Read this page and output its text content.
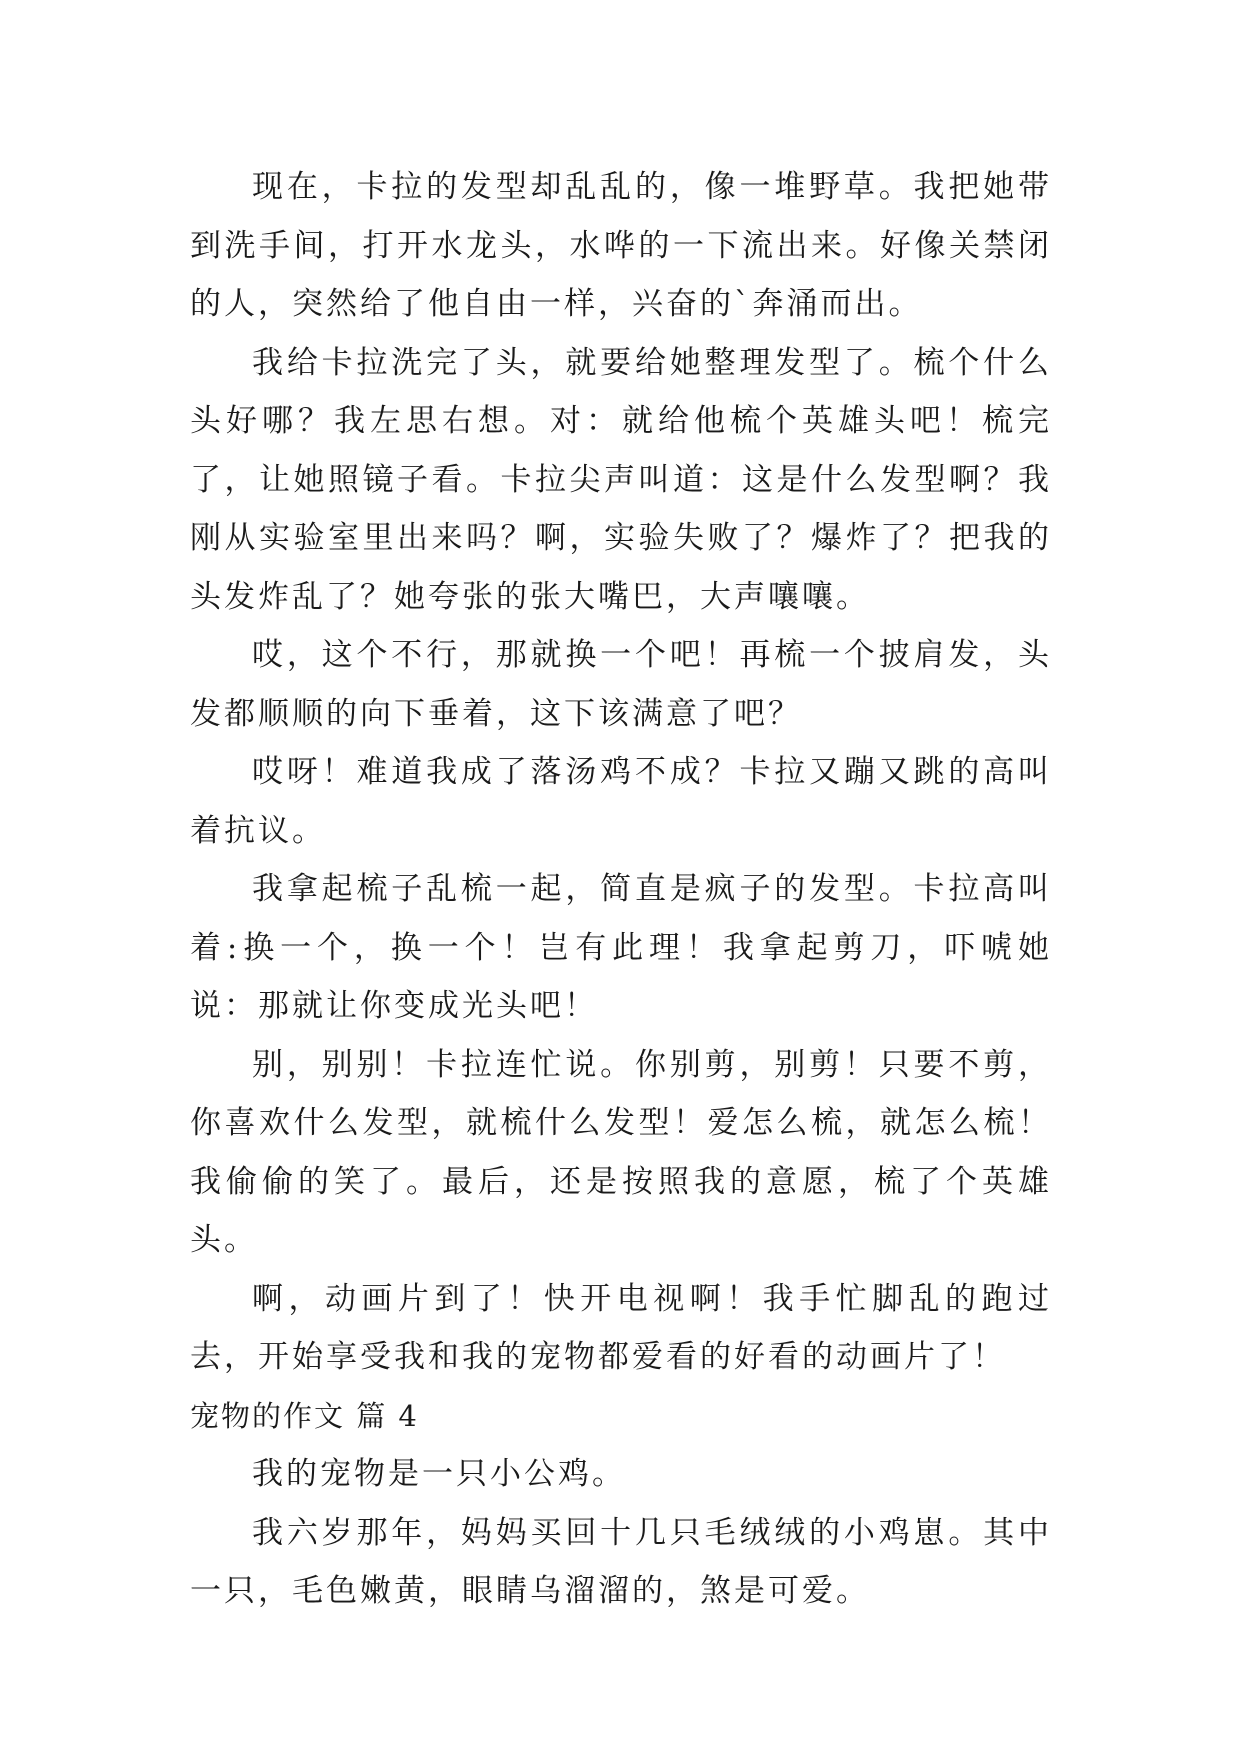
现在，卡拉的发型却乱乱的，像一堆野草。我把她带到洗手间，打开水龙头，水哗的一下流出来。好像关禁闭的人，突然给了他自由一样，兴奋的`奔涌而出。

我给卡拉洗完了头，就要给她整理发型了。梳个什么头好哪？我左思右想。对：就给他梳个英雄头吧！梳完了，让她照镜子看。卡拉尖声叫道：这是什么发型啊？我刚从实验室里出来吗？啊，实验失败了？爆炸了？把我的头发炸乱了？她夸张的张大嘴巴，大声嚷嚷。

哎，这个不行，那就换一个吧！再梳一个披肩发，头发都顺顺的向下垂着，这下该满意了吧？

哎呀！难道我成了落汤鸡不成？卡拉又蹦又跳的高叫着抗议。

我拿起梳子乱梳一起，简直是疯子的发型。卡拉高叫着:换一个，换一个！岂有此理！我拿起剪刀，吓唬她说：那就让你变成光头吧！

别，别别！卡拉连忙说。你别剪，别剪！只要不剪，你喜欢什么发型，就梳什么发型！爱怎么梳，就怎么梳！我偷偷的笑了。最后，还是按照我的意愿，梳了个英雄头。

啊，动画片到了！快开电视啊！我手忙脚乱的跑过去，开始享受我和我的宠物都爱看的好看的动画片了！

宠物的作文 篇 4

我的宠物是一只小公鸡。

我六岁那年，妈妈买回十几只毛绒绒的小鸡崽。其中一只，毛色嫩黄，眼睛乌溜溜的，煞是可爱。
